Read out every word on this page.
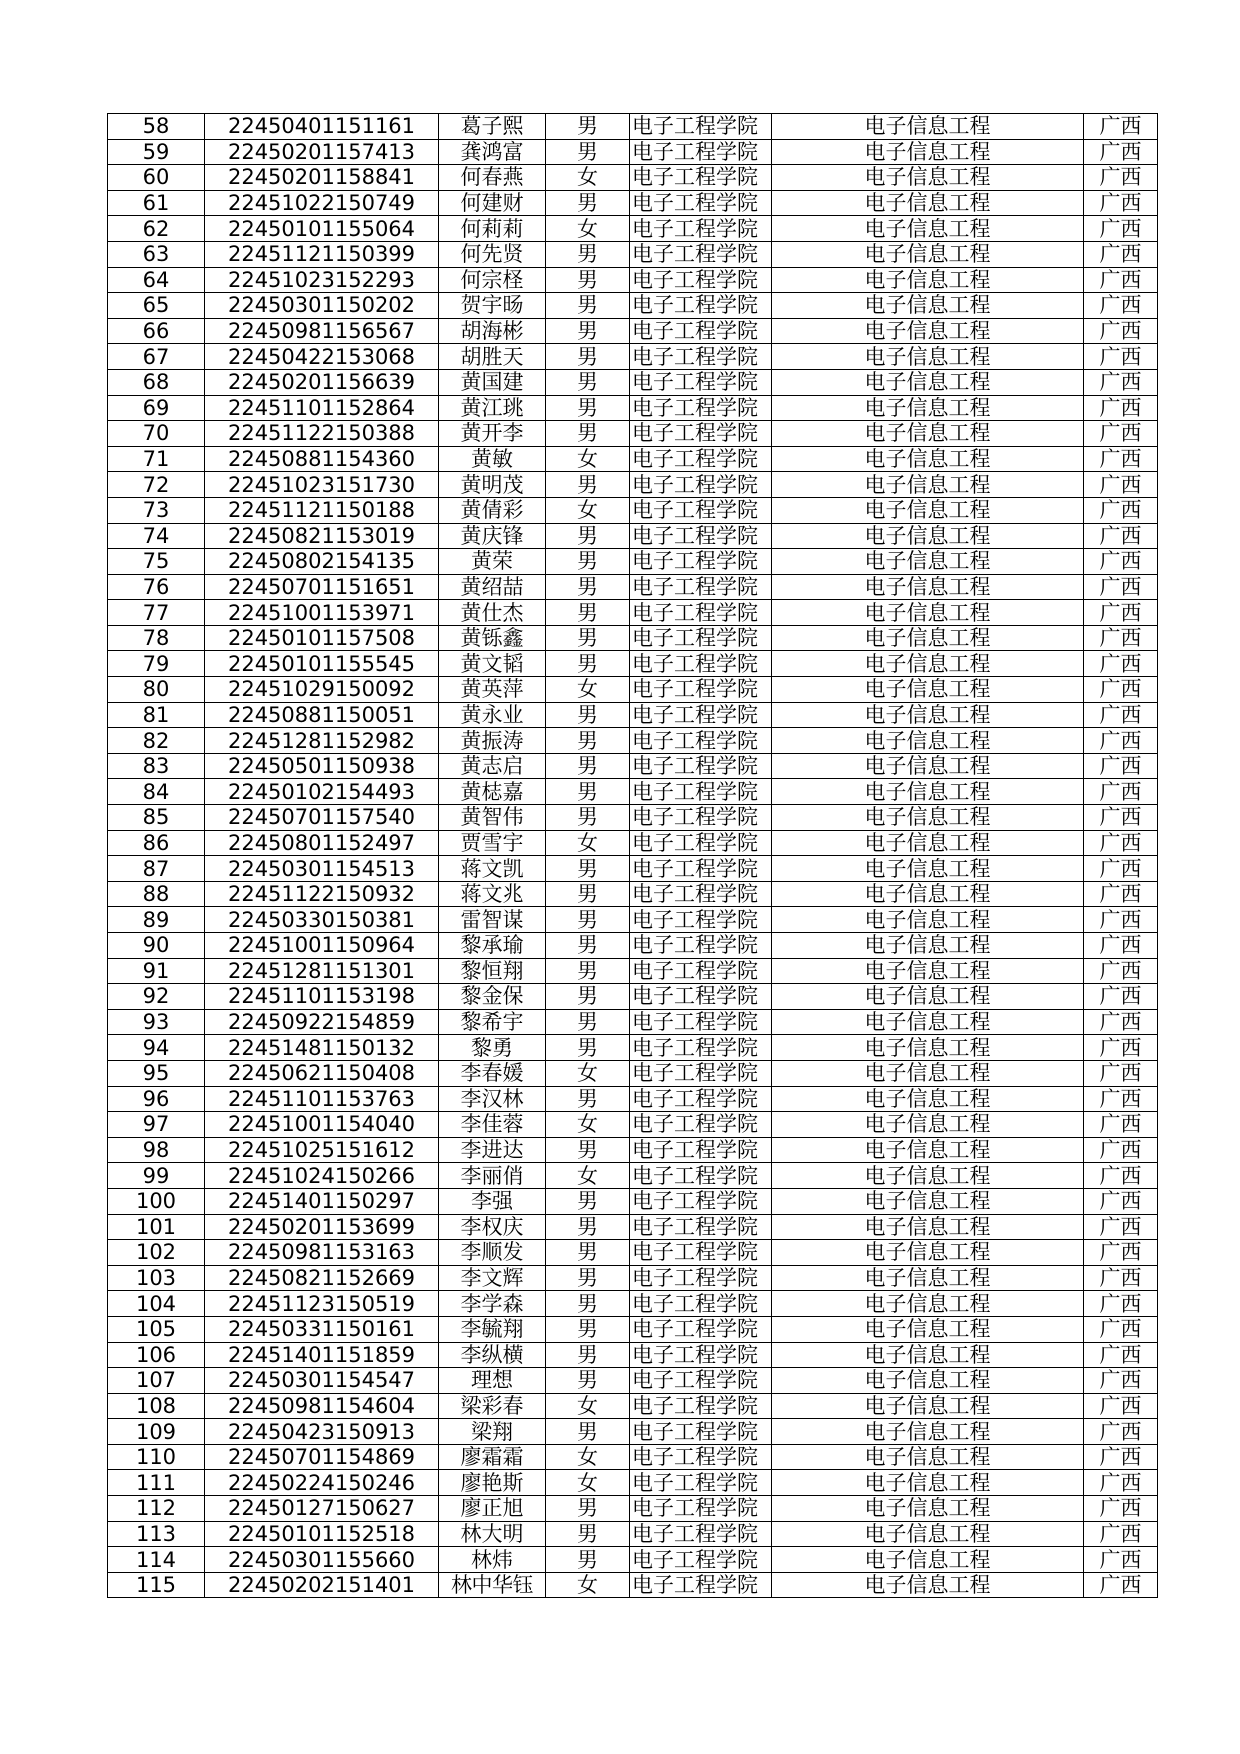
58	22450401151161	葛子熙	男	电子工程学院	电子信息工程	广西
59	22450201157413	龚鸿富	男	电子工程学院	电子信息工程	广西
60	22450201158841	何春燕	女	电子工程学院	电子信息工程	广西
61	22451022150749	何建财	男	电子工程学院	电子信息工程	广西
62	22450101155064	何莉莉	女	电子工程学院	电子信息工程	广西
63	22451121150399	何先贤	男	电子工程学院	电子信息工程	广西
64	22451023152293	何宗柽	男	电子工程学院	电子信息工程	广西
65	22450301150202	贺宇旸	男	电子工程学院	电子信息工程	广西
66	22450981156567	胡海彬	男	电子工程学院	电子信息工程	广西
67	22450422153068	胡胜天	男	电子工程学院	电子信息工程	广西
68	22450201156639	黄国建	男	电子工程学院	电子信息工程	广西
69	22451101152864	黄江珧	男	电子工程学院	电子信息工程	广西
70	22451122150388	黄开李	男	电子工程学院	电子信息工程	广西
71	22450881154360	黄敏	女	电子工程学院	电子信息工程	广西
72	22451023151730	黄明茂	男	电子工程学院	电子信息工程	广西
73	22451121150188	黄倩彩	女	电子工程学院	电子信息工程	广西
74	22450821153019	黄庆锋	男	电子工程学院	电子信息工程	广西
75	22450802154135	黄荣	男	电子工程学院	电子信息工程	广西
76	22450701151651	黄绍喆	男	电子工程学院	电子信息工程	广西
77	22451001153971	黄仕杰	男	电子工程学院	电子信息工程	广西
78	22450101157508	黄铄鑫	男	电子工程学院	电子信息工程	广西
79	22450101155545	黄文韬	男	电子工程学院	电子信息工程	广西
80	22451029150092	黄英萍	女	电子工程学院	电子信息工程	广西
81	22450881150051	黄永业	男	电子工程学院	电子信息工程	广西
82	22451281152982	黄振涛	男	电子工程学院	电子信息工程	广西
83	22450501150938	黄志启	男	电子工程学院	电子信息工程	广西
84	22450102154493	黄梽嘉	男	电子工程学院	电子信息工程	广西
85	22450701157540	黄智伟	男	电子工程学院	电子信息工程	广西
86	22450801152497	贾雪宇	女	电子工程学院	电子信息工程	广西
87	22450301154513	蒋文凯	男	电子工程学院	电子信息工程	广西
88	22451122150932	蒋文兆	男	电子工程学院	电子信息工程	广西
89	22450330150381	雷智谋	男	电子工程学院	电子信息工程	广西
90	22451001150964	黎承瑜	男	电子工程学院	电子信息工程	广西
91	22451281151301	黎恒翔	男	电子工程学院	电子信息工程	广西
92	22451101153198	黎金保	男	电子工程学院	电子信息工程	广西
93	22450922154859	黎希宇	男	电子工程学院	电子信息工程	广西
94	22451481150132	黎勇	男	电子工程学院	电子信息工程	广西
95	22450621150408	李春媛	女	电子工程学院	电子信息工程	广西
96	22451101153763	李汉林	男	电子工程学院	电子信息工程	广西
97	22451001154040	李佳蓉	女	电子工程学院	电子信息工程	广西
98	22451025151612	李进达	男	电子工程学院	电子信息工程	广西
99	22451024150266	李丽俏	女	电子工程学院	电子信息工程	广西
100	22451401150297	李强	男	电子工程学院	电子信息工程	广西
101	22450201153699	李权庆	男	电子工程学院	电子信息工程	广西
102	22450981153163	李顺发	男	电子工程学院	电子信息工程	广西
103	22450821152669	李文辉	男	电子工程学院	电子信息工程	广西
104	22451123150519	李学森	男	电子工程学院	电子信息工程	广西
105	22450331150161	李毓翔	男	电子工程学院	电子信息工程	广西
106	22451401151859	李纵横	男	电子工程学院	电子信息工程	广西
107	22450301154547	理想	男	电子工程学院	电子信息工程	广西
108	22450981154604	梁彩春	女	电子工程学院	电子信息工程	广西
109	22450423150913	梁翔	男	电子工程学院	电子信息工程	广西
110	22450701154869	廖霜霜	女	电子工程学院	电子信息工程	广西
111	22450224150246	廖艳斯	女	电子工程学院	电子信息工程	广西
112	22450127150627	廖正旭	男	电子工程学院	电子信息工程	广西
113	22450101152518	林大明	男	电子工程学院	电子信息工程	广西
114	22450301155660	林炜	男	电子工程学院	电子信息工程	广西
115	22450202151401	林中华钰	女	电子工程学院	电子信息工程	广西
